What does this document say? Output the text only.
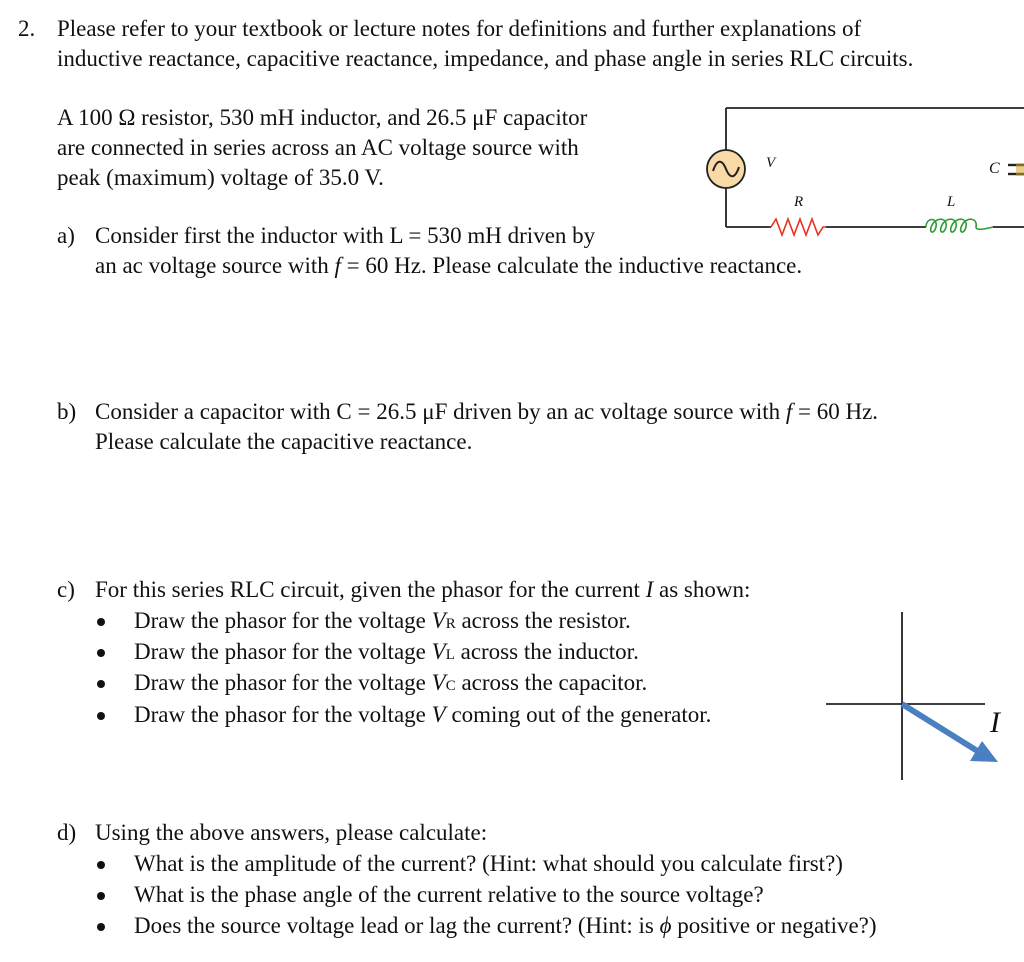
2. Please refer to your textbook or lecture notes for definitions and further explanations of
inductive reactance, capacitive reactance, impedance, and phase angle in series RLC circuits.
A 100 Ω resistor, 530 mH inductor, and 26.5 μF capacitor
are connected in series across an AC voltage source with
peak (maximum) voltage of 35.0 V.
V
R	L
C
a) Consider first the inductor with L = 530 mH driven by
an ac voltage source with f = 60 Hz. Please calculate the inductive reactance.
b) Consider a capacitor with C = 26.5 μF driven by an ac voltage source with f = 60 Hz.
Please calculate the capacitive reactance.
c) For this series RLC circuit, given the phasor for the current I as shown:
Draw the phasor for the voltage VR across the resistor.
Draw the phasor for the voltage VL across the inductor.
Draw the phasor for the voltage VC across the capacitor.
Draw the phasor for the voltage V coming out of the generator.	I
d) Using the above answers, please calculate:
What is the amplitude of the current? (Hint: what should you calculate first?)
What is the phase angle of the current relative to the source voltage?
Does the source voltage lead or lag the current? (Hint: is ϕ positive or negative?)
